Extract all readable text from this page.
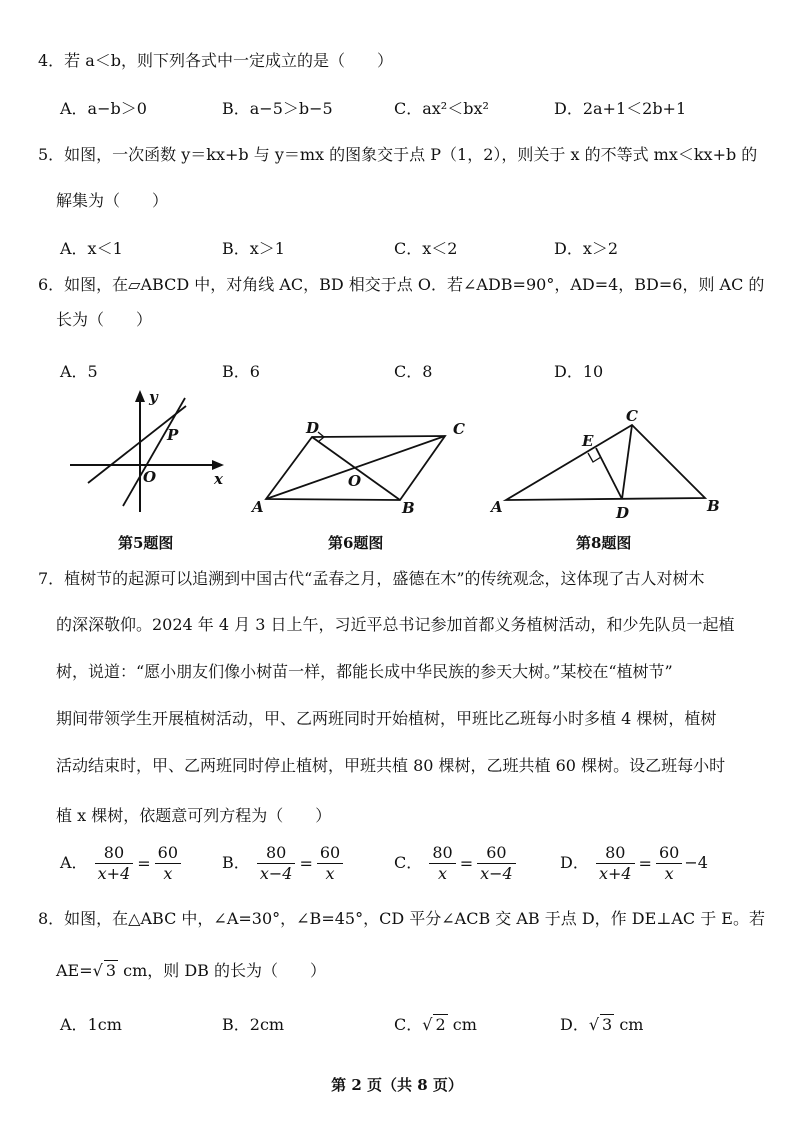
4．若 a＜b，则下列各式中一定成立的是（　　）
A．a−b＞0	B．a−5＞b−5	C．ax²＜bx²	D．2a+1＜2b+1
5．如图，一次函数 y＝kx+b 与 y＝mx 的图象交于点 P（1，2），则关于 x 的不等式 mx＜kx+b 的
解集为（　　）
A．x＜1	B．x＞1	C．x＜2	D．x＞2
6．如图，在▱ABCD 中，对角线 AC，BD 相交于点 O．若∠ADB=90°，AD=4，BD=6，则 AC 的
长为（　　）
A．5	B．6	C．8	D．10
y
x
O
P
第5题图
A	B
C
D
O
第6题图
A	B
C
D
E
第8题图
7．植树节的起源可以追溯到中国古代“孟春之月，盛德在木”的传统观念，这体现了古人对树木
的深深敬仰。2024 年 4 月 3 日上午，习近平总书记参加首都义务植树活动，和少先队员一起植
树，说道：“愿小朋友们像小树苗一样，都能长成中华民族的参天大树。”某校在“植树节”
期间带领学生开展植树活动，甲、乙两班同时开始植树，甲班比乙班每小时多植 4 棵树，植树
活动结束时，甲、乙两班同时停止植树，甲班共植 80 棵树，乙班共植 60 棵树。设乙班每小时
植 x 棵树，依题意可列方程为（　　）
A． $\frac{80}{x+4} = \frac{60}{x}$	B． $\frac{80}{x-4} = \frac{60}{x}$	C． $\frac{80}{x} = \frac{60}{x-4}$	D． $\frac{80}{x+4} = \frac{60}{x} -4$
8．如图，在△ABC 中，∠A=30°，∠B=45°，CD 平分∠ACB 交 AB 于点 D，作 DE⊥AC 于 E。若
AE=√ 3 cm，则 DB 的长为（　　）
A．1cm	B．2cm	C．√ 2 cm	D．√ 3 cm
第 2 页（共 8 页）
